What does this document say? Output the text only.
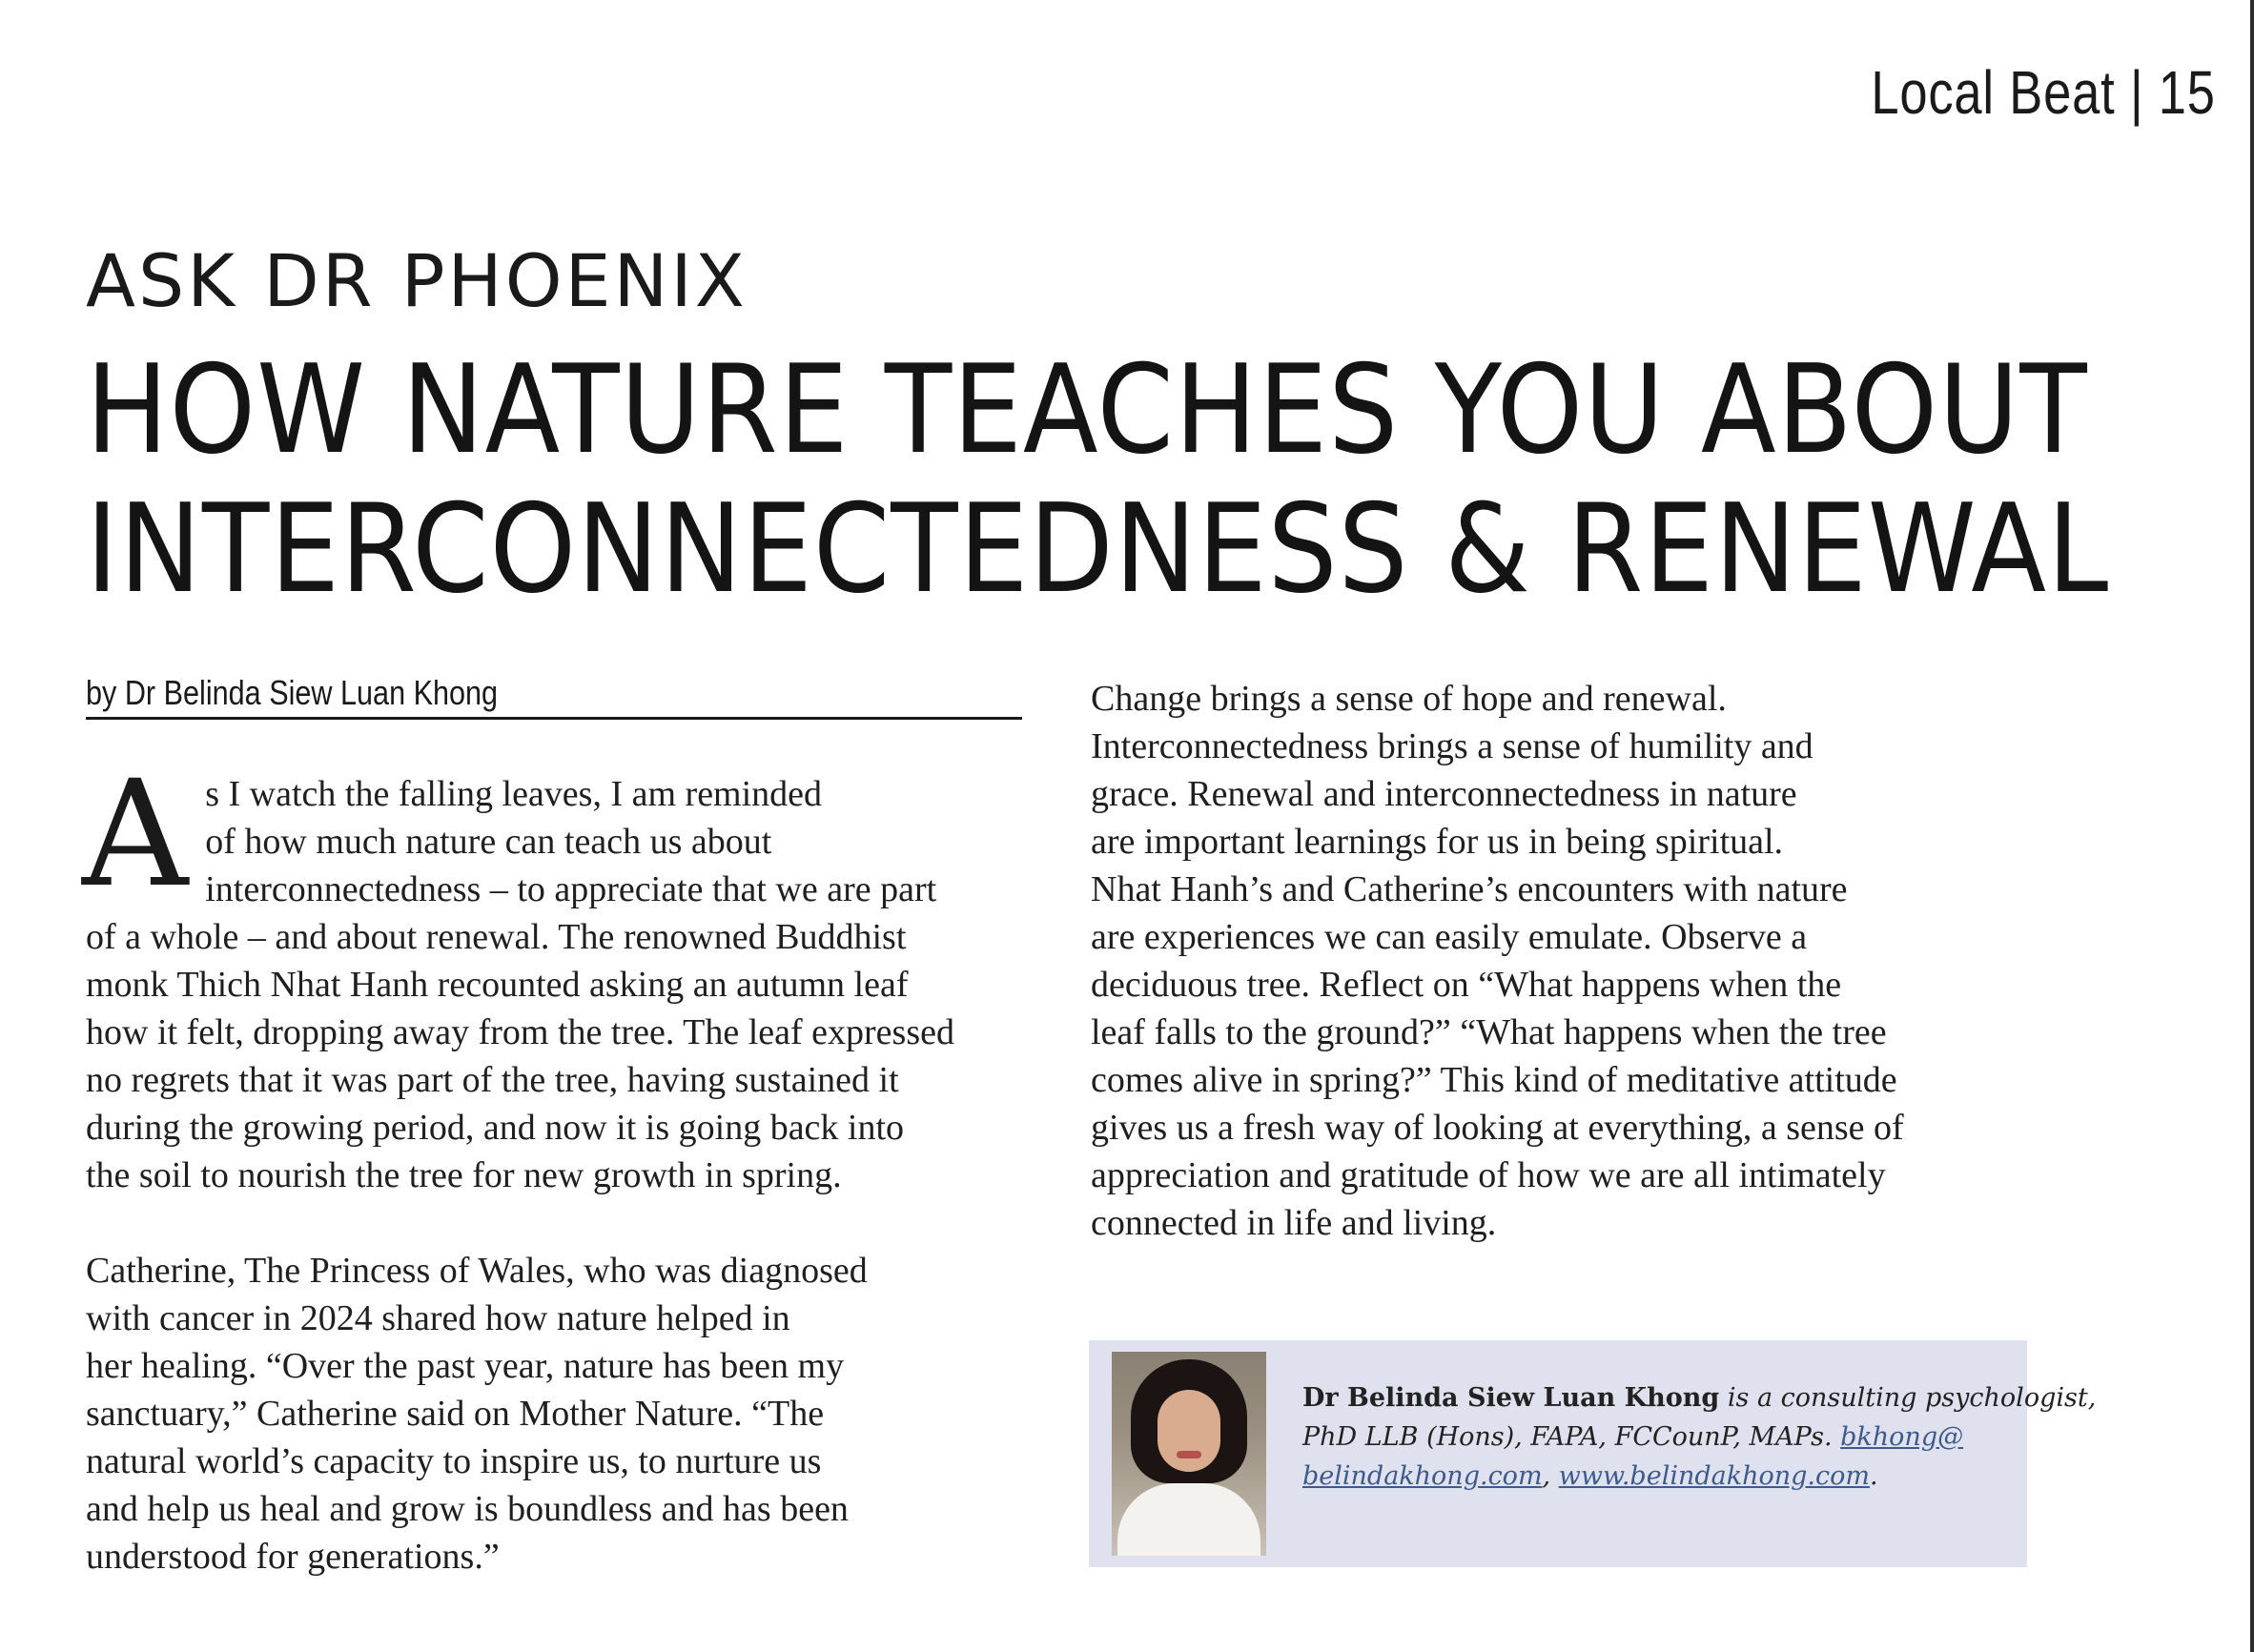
Local Beat | 15
ASK DR PHOENIX
HOW NATURE TEACHES YOU ABOUT
INTERCONNECTEDNESS & RENEWAL
by Dr Belinda Siew Luan Khong

A s I watch the falling leaves, I am reminded
of how much nature can teach us about
interconnectedness – to appreciate that we are part
of a whole – and about renewal. The renowned Buddhist
monk Thich Nhat Hanh recounted asking an autumn leaf
how it felt, dropping away from the tree. The leaf expressed
no regrets that it was part of the tree, having sustained it
during the growing period, and now it is going back into
the soil to nourish the tree for new growth in spring.

Catherine, The Princess of Wales, who was diagnosed
with cancer in 2024 shared how nature helped in
her healing. “Over the past year, nature has been my
sanctuary,” Catherine said on Mother Nature. “The
natural world’s capacity to inspire us, to nurture us
and help us heal and grow is boundless and has been
understood for generations.”

Change brings a sense of hope and renewal.
Interconnectedness brings a sense of humility and
grace. Renewal and interconnectedness in nature
are important learnings for us in being spiritual.
Nhat Hanh’s and Catherine’s encounters with nature
are experiences we can easily emulate. Observe a
deciduous tree. Reflect on “What happens when the
leaf falls to the ground?” “What happens when the tree
comes alive in spring?” This kind of meditative attitude
gives us a fresh way of looking at everything, a sense of
appreciation and gratitude of how we are all intimately
connected in life and living.

Dr Belinda Siew Luan Khong is a consulting psychologist,
PhD LLB (Hons), FAPA, FCCounP, MAPs. bkhong@
belindakhong.com, www.belindakhong.com.
